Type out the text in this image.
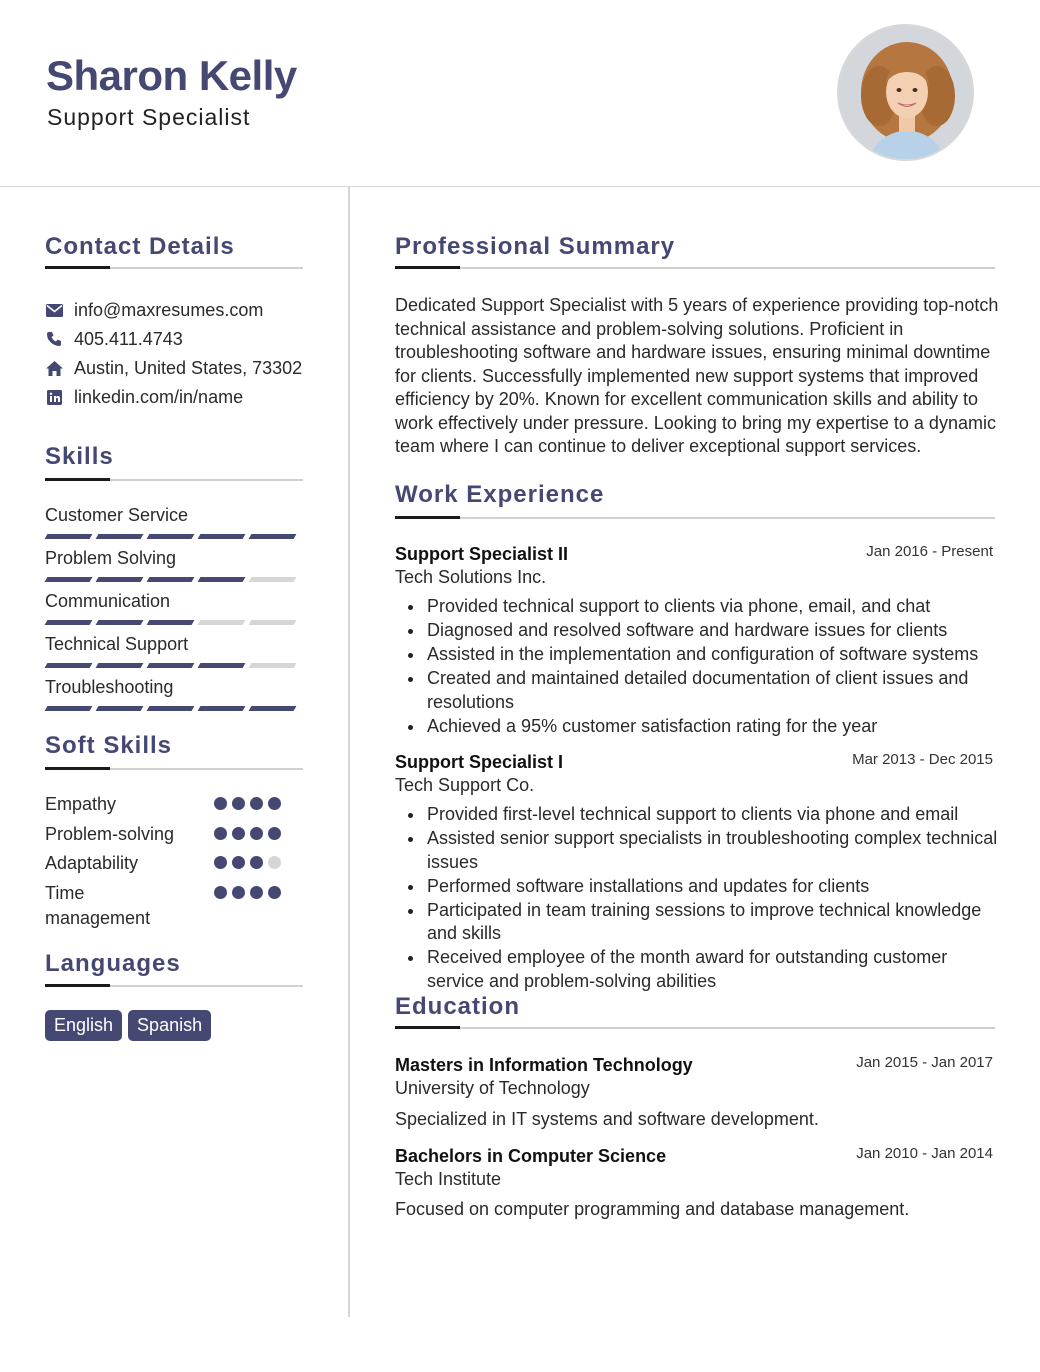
Sharon Kelly
Support Specialist
Contact Details
info@maxresumes.com
405.411.4743
Austin, United States, 73302
linkedin.com/in/name
Skills
Customer Service
Problem Solving
Communication
Technical Support
Troubleshooting
Soft Skills
Empathy
Problem-solving
Adaptability
Time management
Languages
English	Spanish
Professional Summary
Dedicated Support Specialist with 5 years of experience providing top-notch technical assistance and problem-solving solutions. Proficient in troubleshooting software and hardware issues, ensuring minimal downtime for clients. Successfully implemented new support systems that improved efficiency by 20%. Known for excellent communication skills and ability to work effectively under pressure. Looking to bring my expertise to a dynamic team where I can continue to deliver exceptional support services.
Work Experience
Support Specialist II	Jan 2016 - Present
Tech Solutions Inc.
Provided technical support to clients via phone, email, and chat
Diagnosed and resolved software and hardware issues for clients
Assisted in the implementation and configuration of software systems
Created and maintained detailed documentation of client issues and resolutions
Achieved a 95% customer satisfaction rating for the year
Support Specialist I	Mar 2013 - Dec 2015
Tech Support Co.
Provided first-level technical support to clients via phone and email
Assisted senior support specialists in troubleshooting complex technical issues
Performed software installations and updates for clients
Participated in team training sessions to improve technical knowledge and skills
Received employee of the month award for outstanding customer service and problem-solving abilities
Education
Masters in Information Technology	Jan 2015 - Jan 2017
University of Technology
Specialized in IT systems and software development.
Bachelors in Computer Science	Jan 2010 - Jan 2014
Tech Institute
Focused on computer programming and database management.
